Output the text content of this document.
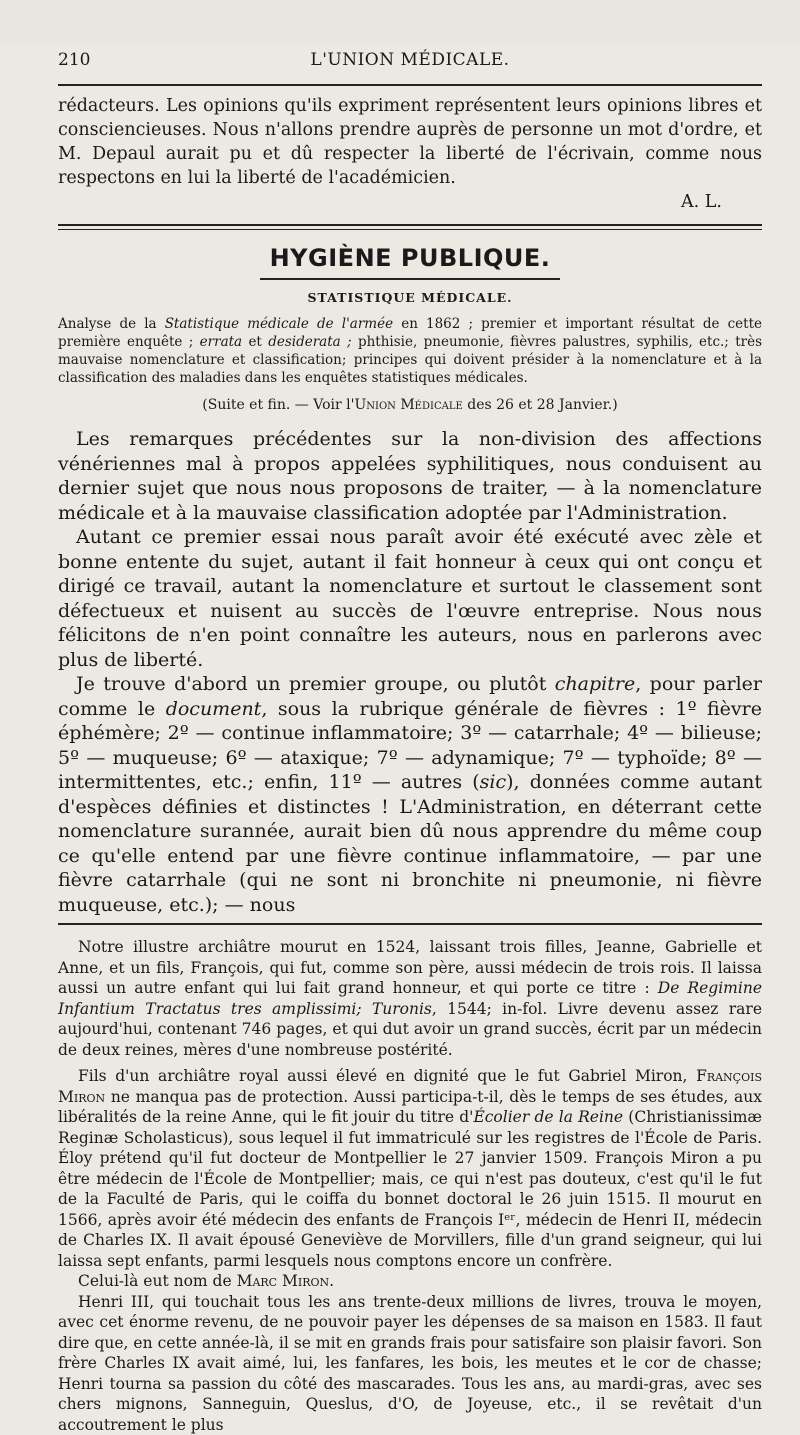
210	L'UNION MÉDICALE.

rédacteurs. Les opinions qu'ils expriment représentent leurs opinions libres et consciencieuses. Nous n'allons prendre auprès de personne un mot d'ordre, et M. Depaul aurait pu et dû respecter la liberté de l'écrivain, comme nous respectons en lui la liberté de l'académicien.

A. L.
HYGIÈNE PUBLIQUE.
STATISTIQUE MÉDICALE.

Analyse de la Statistique médicale de l'armée en 1862 ; premier et important résultat de cette première enquête ; errata et desiderata ; phthisie, pneumonie, fièvres palustres, syphilis, etc.; très mauvaise nomenclature et classification; principes qui doivent présider à la nomenclature et à la classification des maladies dans les enquêtes statistiques médicales.

(Suite et fin. — Voir l'Union Médicale des 26 et 28 Janvier.)

Les remarques précédentes sur la non-division des affections vénériennes mal à propos appelées syphilitiques, nous conduisent au dernier sujet que nous nous proposons de traiter, — à la nomenclature médicale et à la mauvaise classification adoptée par l'Administration.

Autant ce premier essai nous paraît avoir été exécuté avec zèle et bonne entente du sujet, autant il fait honneur à ceux qui ont conçu et dirigé ce travail, autant la nomenclature et surtout le classement sont défectueux et nuisent au succès de l'œuvre entreprise. Nous nous félicitons de n'en point connaître les auteurs, nous en parlerons avec plus de liberté.

Je trouve d'abord un premier groupe, ou plutôt chapitre, pour parler comme le document, sous la rubrique générale de fièvres : 1º fièvre éphémère; 2º — continue inflammatoire; 3º — catarrhale; 4º — bilieuse; 5º — muqueuse; 6º — ataxique; 7º — adynamique; 7º — typhoïde; 8º — intermittentes, etc.; enfin, 11º — autres (sic), données comme autant d'espèces définies et distinctes ! L'Administration, en déterrant cette nomenclature surannée, aurait bien dû nous apprendre du même coup ce qu'elle entend par une fièvre continue inflammatoire, — par une fièvre catarrhale (qui ne sont ni bronchite ni pneumonie, ni fièvre muqueuse, etc.); — nous

Notre illustre archiâtre mourut en 1524, laissant trois filles, Jeanne, Gabrielle et Anne, et un fils, François, qui fut, comme son père, aussi médecin de trois rois. Il laissa aussi un autre enfant qui lui fait grand honneur, et qui porte ce titre : De Regimine Infantium Tractatus tres amplissimi; Turonis, 1544; in-fol. Livre devenu assez rare aujourd'hui, contenant 746 pages, et qui dut avoir un grand succès, écrit par un médecin de deux reines, mères d'une nombreuse postérité.

Fils d'un archiâtre royal aussi élevé en dignité que le fut Gabriel Miron, François Miron ne manqua pas de protection. Aussi participa-t-il, dès le temps de ses études, aux libéralités de la reine Anne, qui le fit jouir du titre d'Écolier de la Reine (Christianissimæ Reginæ Scholasticus), sous lequel il fut immatriculé sur les registres de l'École de Paris. Éloy prétend qu'il fut docteur de Montpellier le 27 janvier 1509. François Miron a pu être médecin de l'École de Montpellier; mais, ce qui n'est pas douteux, c'est qu'il le fut de la Faculté de Paris, qui le coiffa du bonnet doctoral le 26 juin 1515. Il mourut en 1566, après avoir été médecin des enfants de François Iᵉʳ, médecin de Henri II, médecin de Charles IX. Il avait épousé Geneviève de Morvillers, fille d'un grand seigneur, qui lui laissa sept enfants, parmi lesquels nous comptons encore un confrère.

Celui-là eut nom de Marc Miron.

Henri III, qui touchait tous les ans trente-deux millions de livres, trouva le moyen, avec cet énorme revenu, de ne pouvoir payer les dépenses de sa maison en 1583. Il faut dire que, en cette année-là, il se mit en grands frais pour satisfaire son plaisir favori. Son frère Charles IX avait aimé, lui, les fanfares, les bois, les meutes et le cor de chasse; Henri tourna sa passion du côté des mascarades. Tous les ans, au mardi-gras, avec ses chers mignons, Sanneguin, Queslus, d'O, de Joyeuse, etc., il se revêtait d'un accoutrement le plus
